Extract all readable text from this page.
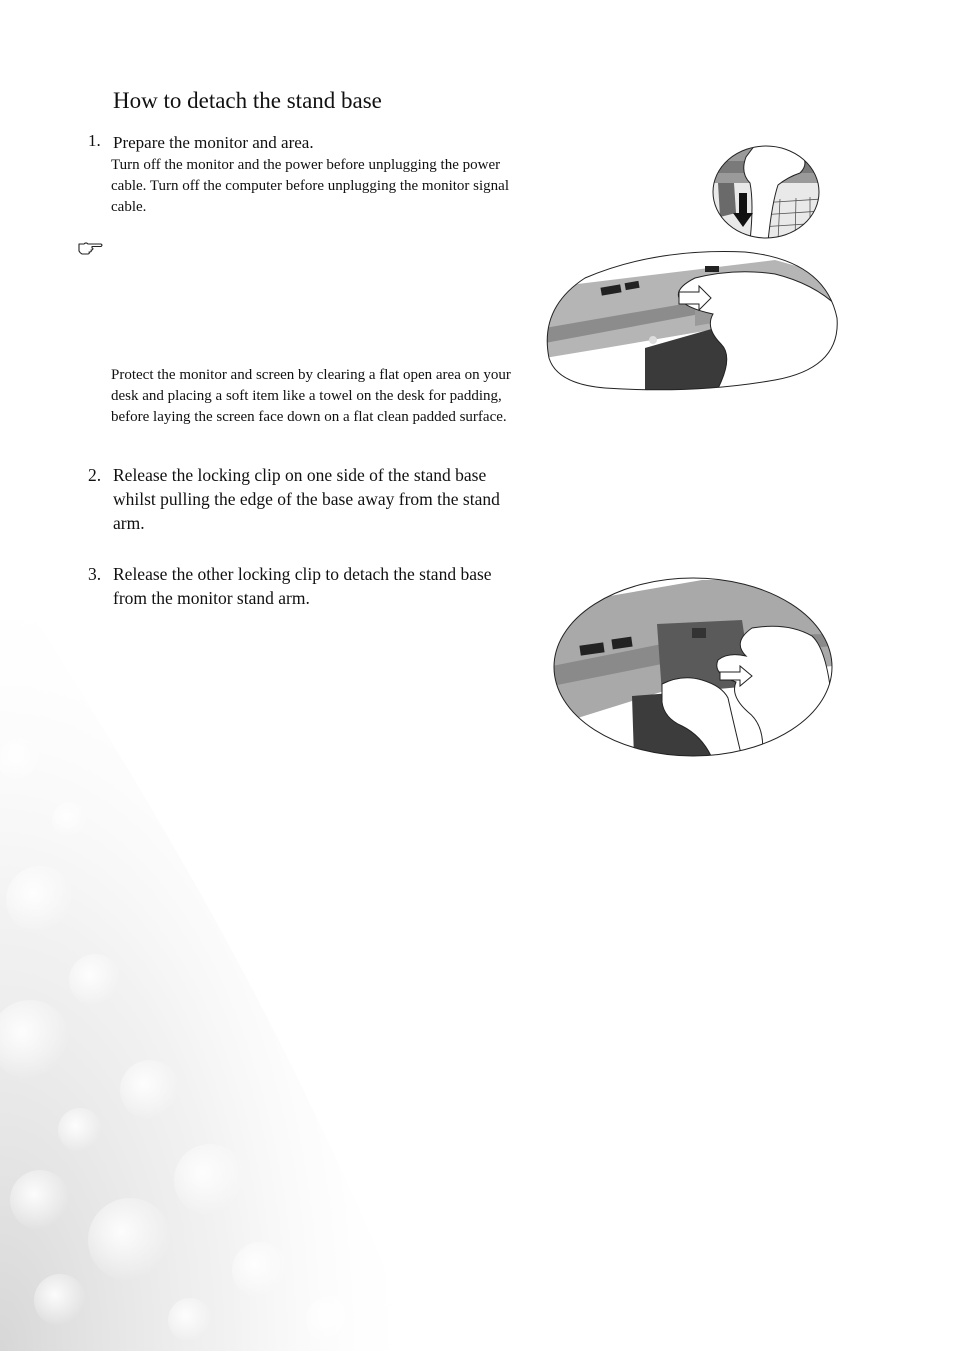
How to detach the stand base
1. Prepare the monitor and area.
Turn off the monitor and the power before unplugging the power cable. Turn off the computer before unplugging the monitor signal cable.
Protect the monitor and screen by clearing a flat open area on your desk and placing a soft item like a towel on the desk for padding, before laying the screen face down on a flat clean padded surface.
2. Release the locking clip on one side of the stand base whilst pulling the edge of the base away from the stand arm.
3. Release the other locking clip to detach the stand base from the monitor stand arm.
